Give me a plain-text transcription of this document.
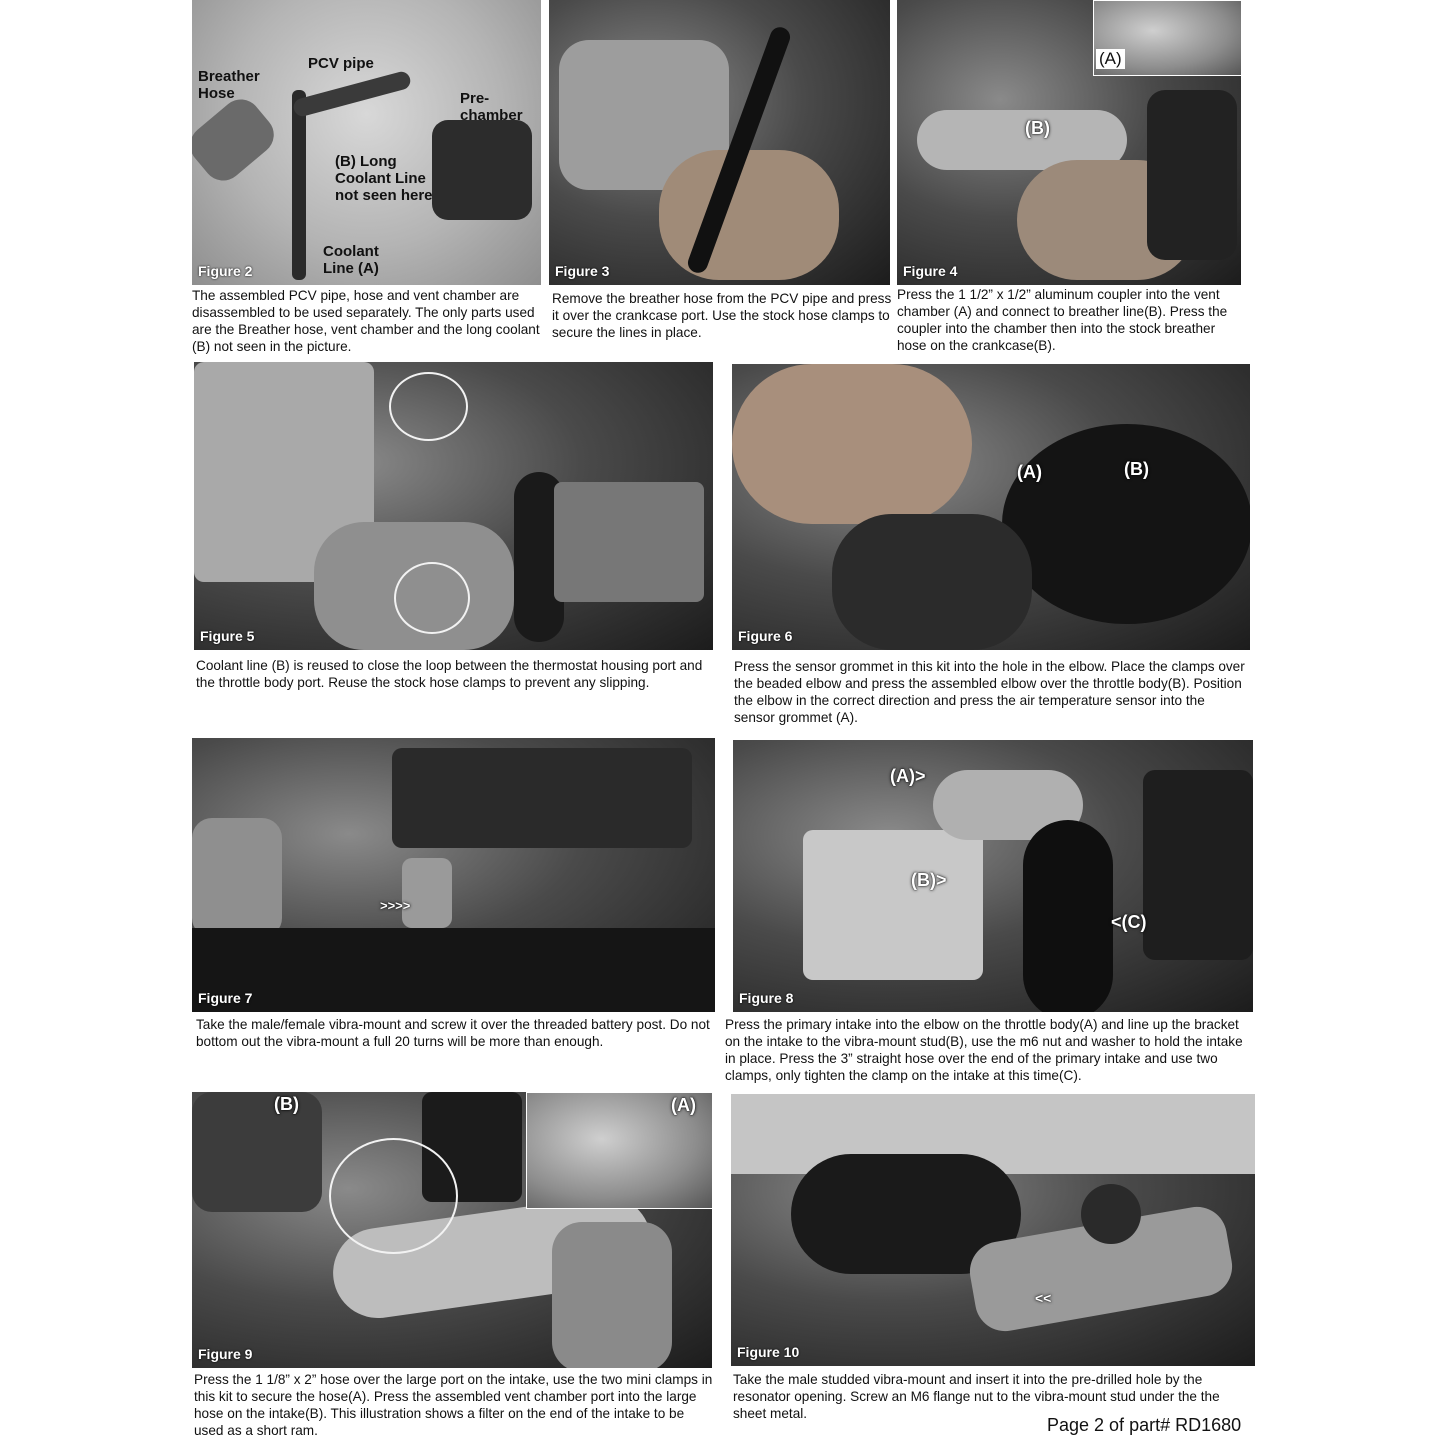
Breather Hose
PCV pipe
Pre- chamber
(B) Long Coolant Line not seen here
Coolant Line (A)
Figure 2
The assembled PCV pipe, hose and vent chamber are disassembled to be used separately. The only parts used are the Breather hose, vent chamber and the long coolant (B) not seen in the picture.
Figure 3
Remove the breather hose from the PCV pipe and press it over the crankcase port. Use the stock hose clamps to secure the lines in place.
(A)
(B)
Figure 4
Press the 1 1/2” x 1/2” aluminum coupler into the vent chamber (A) and connect to breather line(B). Press the coupler into the chamber then into the stock breather hose on the crankcase(B).
Figure 5
Coolant line (B) is reused to close the loop between the thermostat housing port and the throttle body port. Reuse the stock hose clamps to prevent any slipping.
(A)	(B)
Figure 6
Press the sensor grommet in this kit into the hole in the elbow. Place the clamps over the beaded elbow and press the assembled elbow over the throttle body(B). Position the elbow in the correct direction and press the air temperature sensor into the sensor grommet (A).
>>>>
Figure 7
Take the male/female vibra-mount and screw it over the threaded battery post. Do not bottom out the vibra-mount a full 20 turns will be more than enough.
(A)>
(B)>
<(C)
Figure 8
Press the primary intake into the elbow on the throttle body(A) and line up the bracket on the intake to the vibra-mount stud(B), use the m6 nut and washer to hold the intake in place. Press the 3” straight hose over the end of the primary intake and use two clamps, only tighten the clamp on the intake at this time(C).
(A)
(B)
Figure 9
Press the 1 1/8” x 2” hose over the large port on the intake, use the two mini clamps in this kit to secure the hose(A). Press the assembled vent chamber port into the large hose on the intake(B). This illustration shows a filter on the end of the intake to be used as a short ram.
<<
Figure 10
Take the male studded vibra-mount and insert it into the pre-drilled hole by the resonator opening. Screw an M6 flange nut to the vibra-mount stud under the the sheet metal.
Page 2 of part# RD1680
